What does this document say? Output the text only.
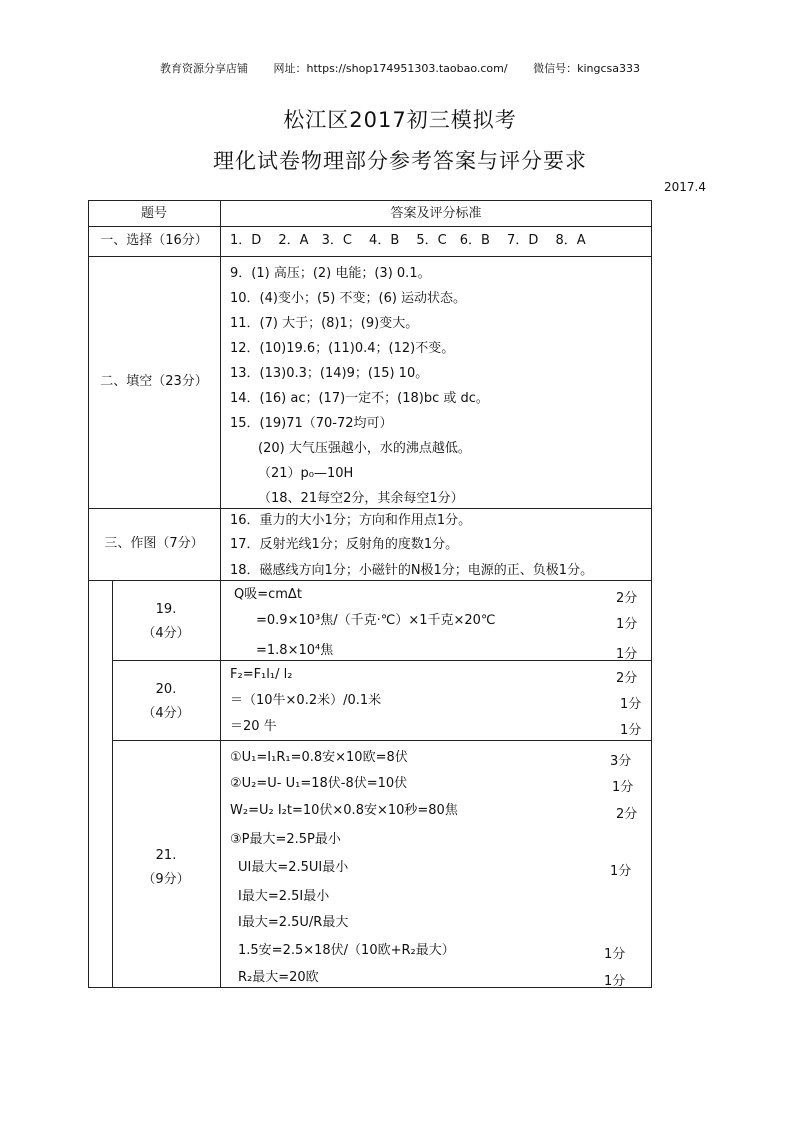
教育资源分享店铺 网址：https://shop174951303.taobao.com/ 微信号：kingcsa333
松江区2017初三模拟考
理化试卷物理部分参考答案与评分要求
2017.4
题号	答案及评分标准
一、选择（16分）	1．D　 2．A　3．C　 4．B　 5．C　6．B　 7．D　 8．A
二、填空（23分）
9．(1) 高压；(2) 电能；(3) 0.1。
10．(4)变小；(5) 不变；(6) 运动状态。
11．(7) 大于；(8)1；(9)变大。
12．(10)19.6；(11)0.4；(12)不变。
13．(13)0.3；(14)9；(15) 10。
14．(16) ac；(17)一定不；(18)bc 或 dc。
15．(19)71（70-72均可）
(20) 大气压强越小，水的沸点越低。
（21）p₀—10H
（18、21每空2分，其余每空1分）
三、作图（7分）
16．重力的大小1分；方向和作用点1分。
17．反射光线1分；反射角的度数1分。
18．磁感线方向1分；小磁针的N极1分；电源的正、负极1分。
19.
（4分）
Q吸=cmΔt
=0.9×10³焦/（千克·℃）×1千克×20℃
=1.8×10⁴焦
2分
1分
1分
20.
（4分）
F₂=F₁l₁/ l₂
＝（10牛×0.2米）/0.1米
＝20 牛
2分
1分
1分
21.
（9分）
①U₁=I₁R₁=0.8安×10欧=8伏
②U₂=U- U₁=18伏-8伏=10伏
W₂=U₂ I₂t=10伏×0.8安×10秒=80焦
③P最大=2.5P最小
UI最大=2.5UI最小
I最大=2.5I最小
I最大=2.5U/R最大
1.5安=2.5×18伏/（10欧+R₂最大）
R₂最大=20欧
3分
1分
2分
1分
1分
1分
